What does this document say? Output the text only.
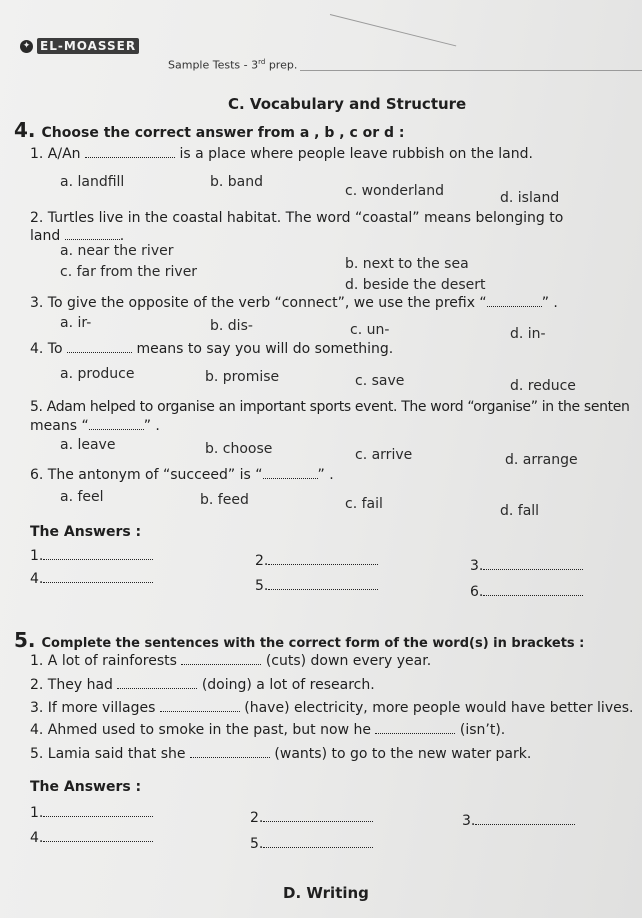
✦ EL-MOASSER
Sample Tests - 3rd prep.
C. Vocabulary and Structure
4. Choose the correct answer from a , b , c or d :
1. A/An	is a place where people leave rubbish on the land.
a. landfill	b. band
c. wonderland	d. island
2. Turtles live in the coastal habitat. The word “coastal” means belonging to
land	.
a. near the river
b. next to the sea
c. far from the river
d. beside the desert
3. To give the opposite of the verb “connect”, we use the prefix “	” .
a. ir-	b. dis-	c. un-	d. in-
4. To	means to say you will do something.
a. produce	b. promise	c. save	d. reduce
5. Adam helped to organise an important sports event. The word “organise” in the senten
means “	” .
a. leave	b. choose	c. arrive	d. arrange
6. The antonym of “succeed” is “	” .
a. feel	b. feed	c. fail	d. fall
The Answers :
1.	2.	3.
4.	5.	6.
5. Complete the sentences with the correct form of the word(s) in brackets :
1. A lot of rainforests	(cuts) down every year.
2. They had	(doing) a lot of research.
3. If more villages	(have) electricity, more people would have better lives.
4. Ahmed used to smoke in the past, but now he	(isn’t).
5. Lamia said that she	(wants) to go to the new water park.
The Answers :
1.	2.	3.
4.	5.
D. Writing
